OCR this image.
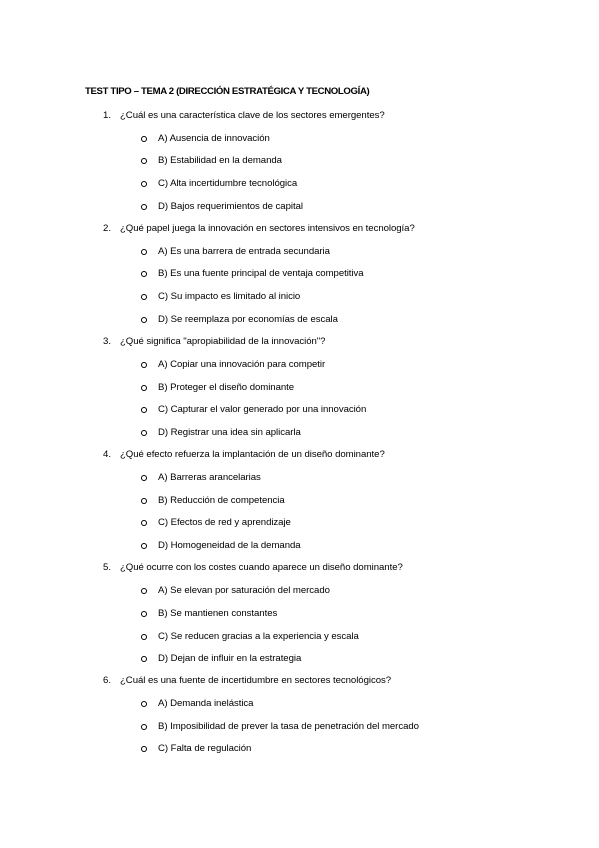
TEST TIPO – TEMA 2 (DIRECCIÓN ESTRATÉGICA Y TECNOLOGÍA)
1. ¿Cuál es una característica clave de los sectores emergentes?
A) Ausencia de innovación
B) Estabilidad en la demanda
C) Alta incertidumbre tecnológica
D) Bajos requerimientos de capital
2. ¿Qué papel juega la innovación en sectores intensivos en tecnología?
A) Es una barrera de entrada secundaria
B) Es una fuente principal de ventaja competitiva
C) Su impacto es limitado al inicio
D) Se reemplaza por economías de escala
3. ¿Qué significa "apropiabilidad de la innovación"?
A) Copiar una innovación para competir
B) Proteger el diseño dominante
C) Capturar el valor generado por una innovación
D) Registrar una idea sin aplicarla
4. ¿Qué efecto refuerza la implantación de un diseño dominante?
A) Barreras arancelarias
B) Reducción de competencia
C) Efectos de red y aprendizaje
D) Homogeneidad de la demanda
5. ¿Qué ocurre con los costes cuando aparece un diseño dominante?
A) Se elevan por saturación del mercado
B) Se mantienen constantes
C) Se reducen gracias a la experiencia y escala
D) Dejan de influir en la estrategia
6. ¿Cuál es una fuente de incertidumbre en sectores tecnológicos?
A) Demanda inelástica
B) Imposibilidad de prever la tasa de penetración del mercado
C) Falta de regulación
